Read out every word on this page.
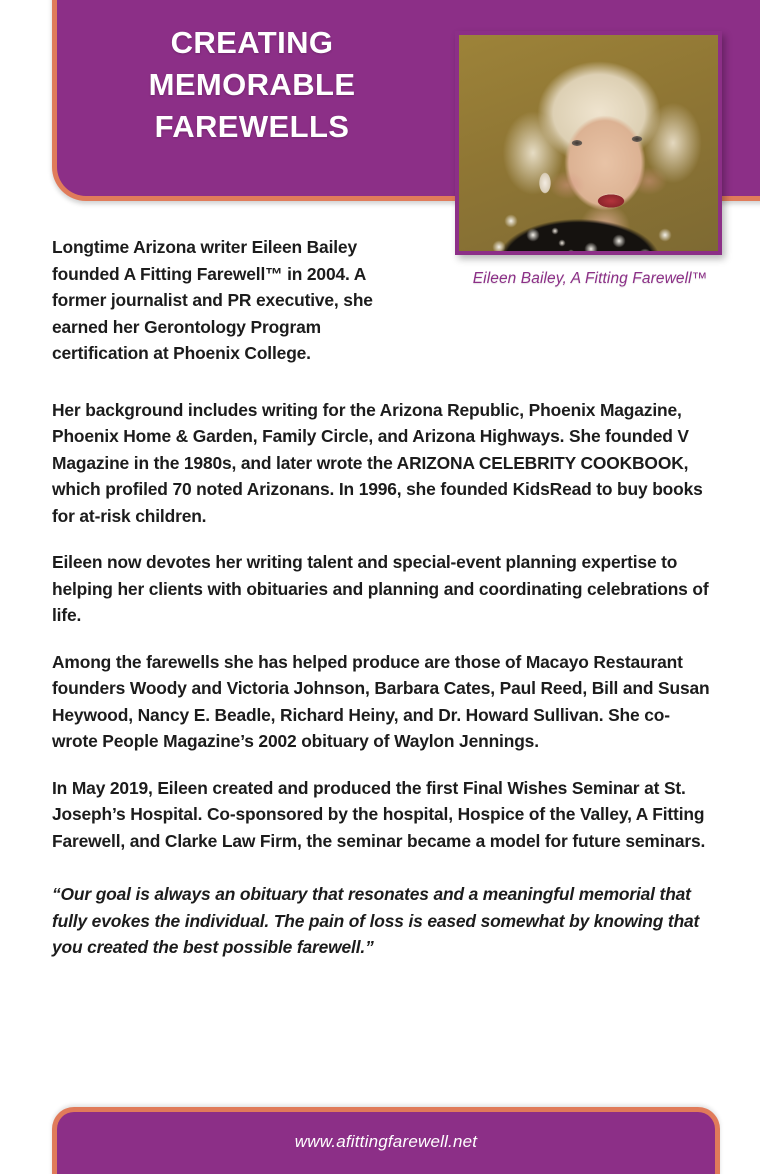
CREATING
MEMORABLE
FAREWELLS
Eileen Bailey, A Fitting Farewell™

Longtime Arizona writer Eileen Bailey founded A Fitting Farewell™ in 2004. A former journalist and PR executive, she earned her Gerontology Program certification at Phoenix College.

Her background includes writing for the Arizona Republic, Phoenix Magazine, Phoenix Home & Garden, Family Circle, and Arizona Highways. She founded V Magazine in the 1980s, and later wrote the ARIZONA CELEBRITY COOKBOOK, which profiled 70 noted Arizonans. In 1996, she founded KidsRead to buy books for at-risk children.

Eileen now devotes her writing talent and special-event planning expertise to helping her clients with obituaries and planning and coordinating celebrations of life.

Among the farewells she has helped produce are those of Macayo Restaurant founders Woody and Victoria Johnson, Barbara Cates, Paul Reed, Bill and Susan Heywood, Nancy E. Beadle, Richard Heiny, and Dr. Howard Sullivan. She co-wrote People Magazine’s 2002 obituary of Waylon Jennings.

In May 2019, Eileen created and produced the first Final Wishes Seminar at St. Joseph’s Hospital. Co-sponsored by the hospital, Hospice of the Valley, A Fitting Farewell, and Clarke Law Firm, the seminar became a model for future seminars.

“Our goal is always an obituary that resonates and a meaningful memorial that fully evokes the individual. The pain of loss is eased somewhat by knowing that you created the best possible farewell.”

www.afittingfarewell.net
